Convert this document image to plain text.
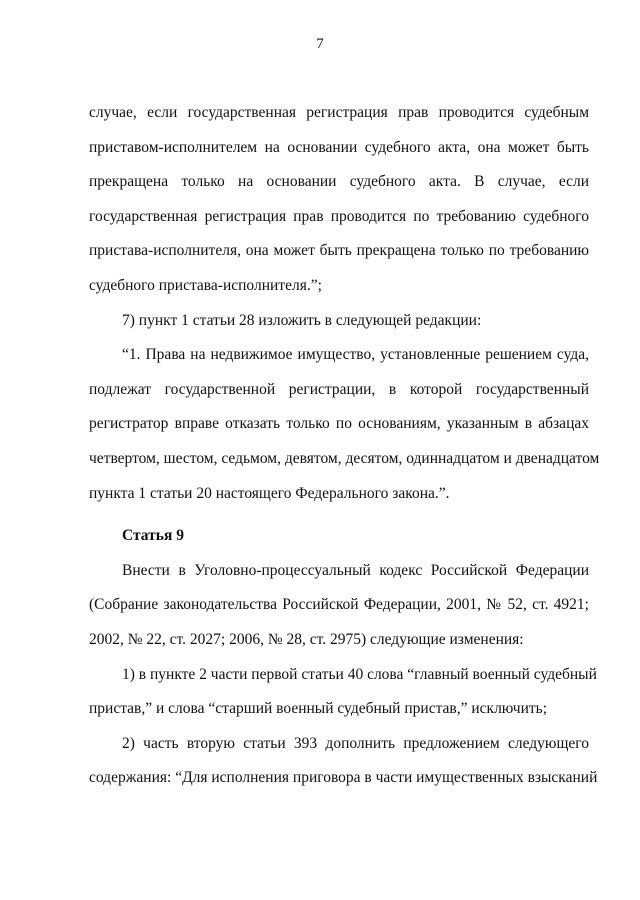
7
случае, если государственная регистрация прав проводится судебным
приставом-исполнителем на основании судебного акта, она может быть
прекращена только на основании судебного акта. В случае, если
государственная регистрация прав проводится по требованию судебного
пристава-исполнителя, она может быть прекращена только по требованию
судебного пристава-исполнителя.”;
7) пункт 1 статьи 28 изложить в следующей редакции:
“1. Права на недвижимое имущество, установленные решением суда,
подлежат государственной регистрации, в которой государственный
регистратор вправе отказать только по основаниям, указанным в абзацах
четвертом, шестом, седьмом, девятом, десятом, одиннадцатом и двенадцатом
пункта 1 статьи 20 настоящего Федерального закона.”.
Статья 9
Внести в Уголовно-процессуальный кодекс Российской Федерации
(Собрание законодательства Российской Федерации, 2001, № 52, ст. 4921;
2002, № 22, ст. 2027; 2006, № 28, ст. 2975) следующие изменения:
1) в пункте 2 части первой статьи 40 слова “главный военный судебный
пристав,” и слова “старший военный судебный пристав,” исключить;
2) часть вторую статьи 393 дополнить предложением следующего
содержания: “Для исполнения приговора в части имущественных взысканий
